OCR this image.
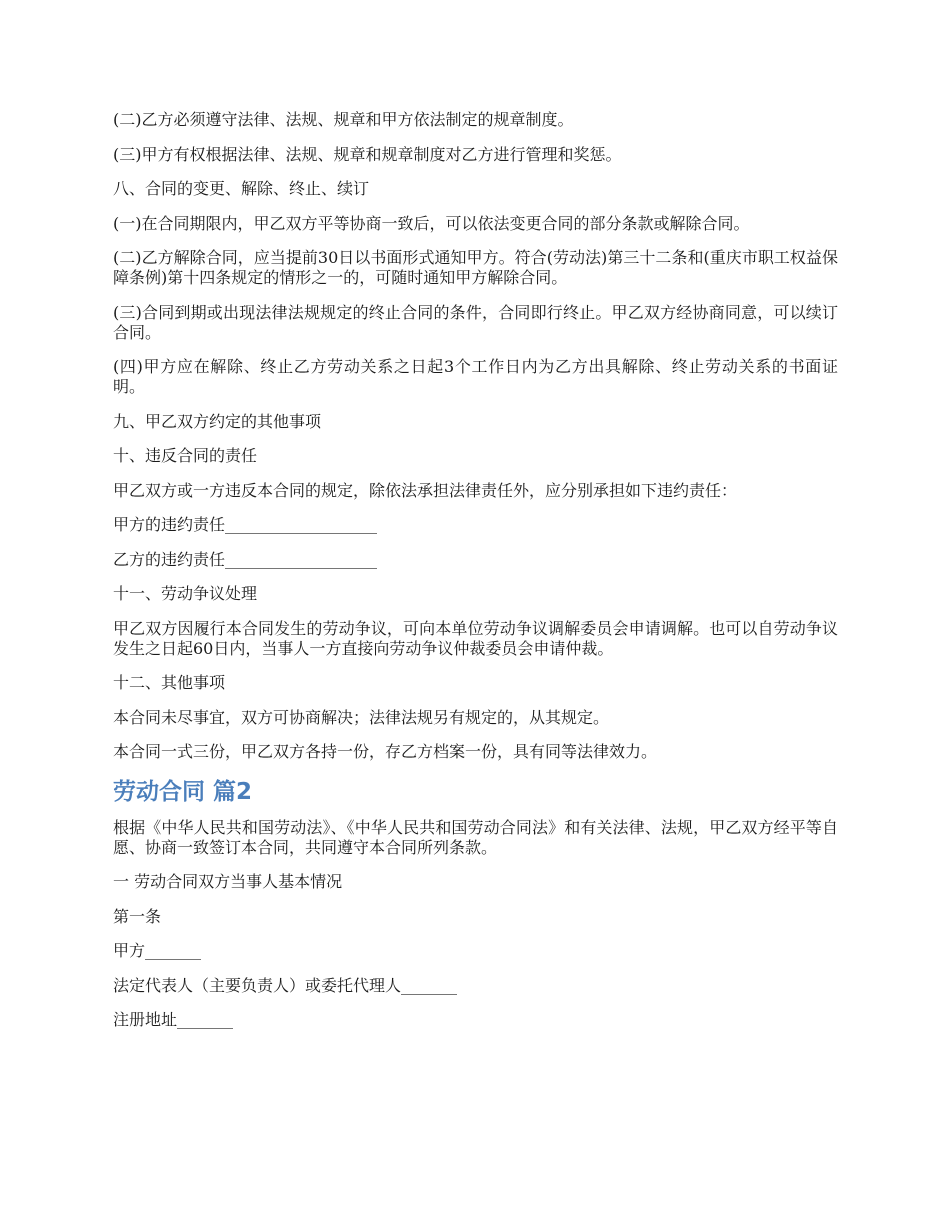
(二)乙方必须遵守法律、法规、规章和甲方依法制定的规章制度。

(三)甲方有权根据法律、法规、规章和规章制度对乙方进行管理和奖惩。

八、合同的变更、解除、终止、续订

(一)在合同期限内，甲乙双方平等协商一致后，可以依法变更合同的部分条款或解除合同。

(二)乙方解除合同，应当提前30日以书面形式通知甲方。符合(劳动法)第三十二条和(重庆市职工权益保障条例)第十四条规定的情形之一的，可随时通知甲方解除合同。

(三)合同到期或出现法律法规规定的终止合同的条件，合同即行终止。甲乙双方经协商同意，可以续订合同。

(四)甲方应在解除、终止乙方劳动关系之日起3个工作日内为乙方出具解除、终止劳动关系的书面证明。

九、甲乙双方约定的其他事项

十、违反合同的责任

甲乙双方或一方违反本合同的规定，除依法承担法律责任外，应分别承担如下违约责任：

甲方的违约责任___________________

乙方的违约责任___________________

十一、劳动争议处理

甲乙双方因履行本合同发生的劳动争议，可向本单位劳动争议调解委员会申请调解。也可以自劳动争议发生之日起60日内，当事人一方直接向劳动争议仲裁委员会申请仲裁。

十二、其他事项

本合同未尽事宜，双方可协商解决；法律法规另有规定的，从其规定。

本合同一式三份，甲乙双方各持一份，存乙方档案一份，具有同等法律效力。

劳动合同 篇2

根据《中华人民共和国劳动法》、《中华人民共和国劳动合同法》和有关法律、法规，甲乙双方经平等自愿、协商一致签订本合同，共同遵守本合同所列条款。

一 劳动合同双方当事人基本情况

第一条

甲方_______

法定代表人（主要负责人）或委托代理人_______

注册地址_______
